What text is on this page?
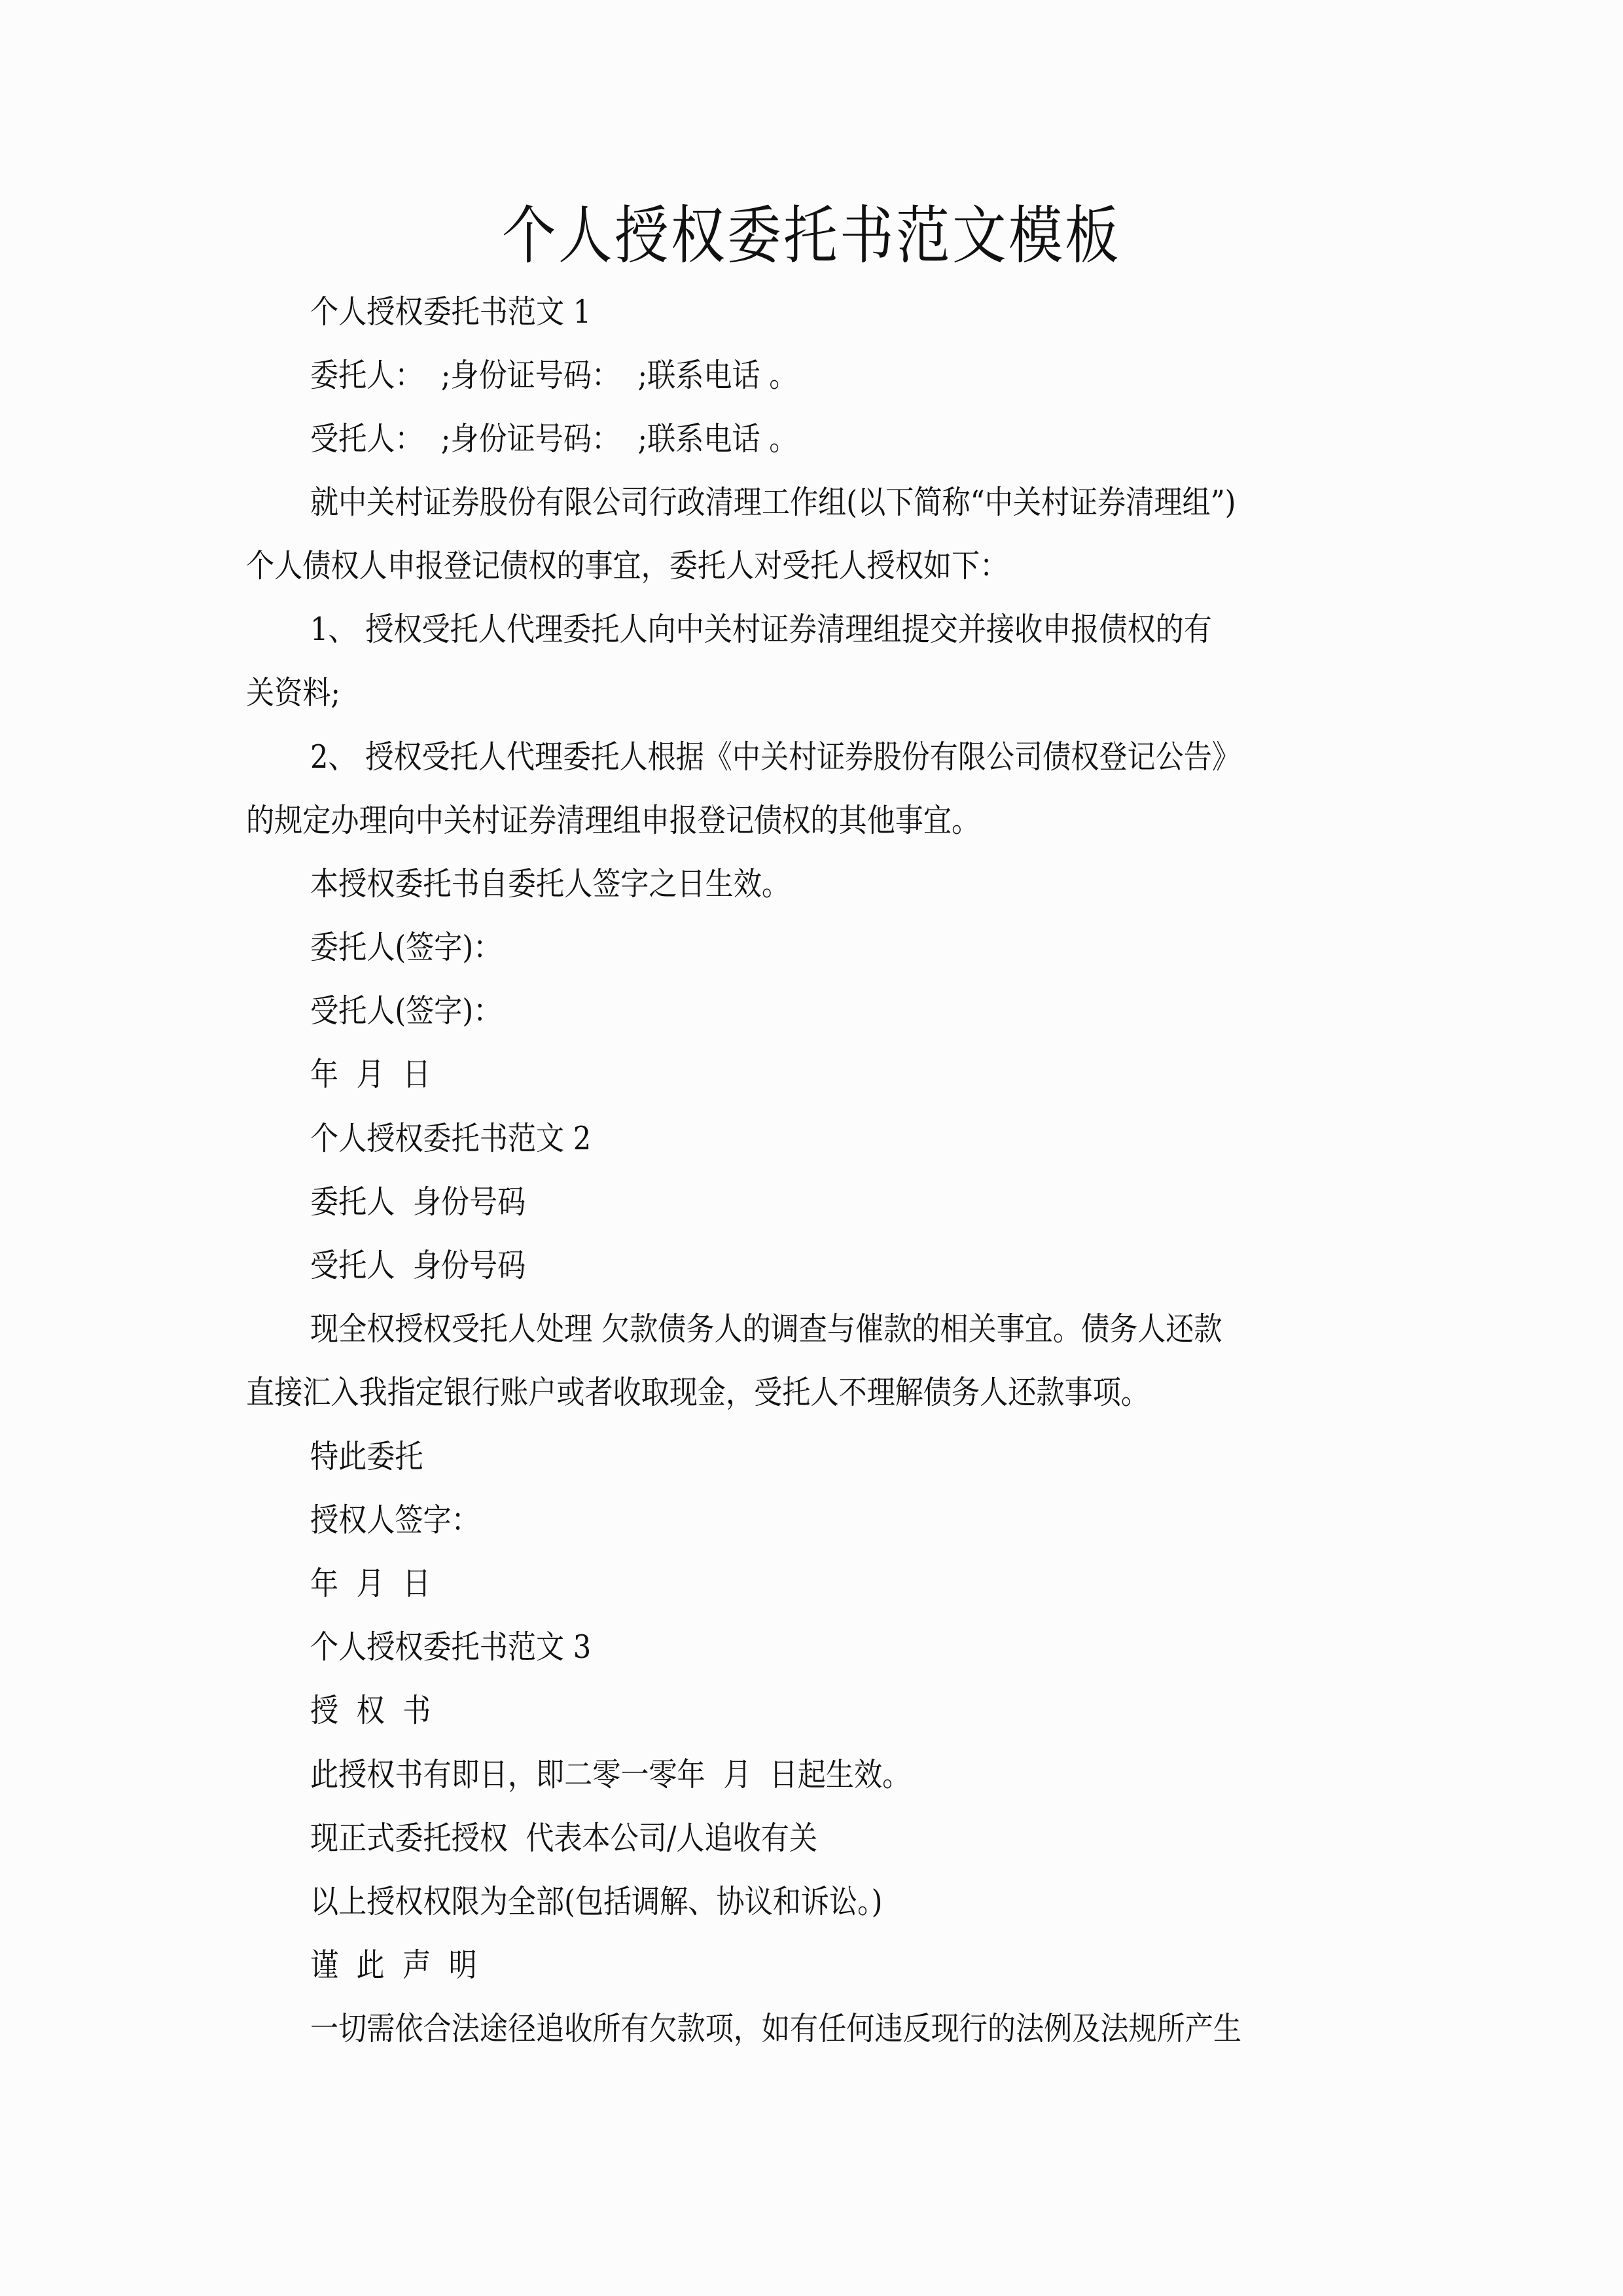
个人授权委托书范文模板
个人授权委托书范文 1
委托人：  ;身份证号码：  ;联系电话 。
受托人：  ;身份证号码：  ;联系电话 。
就中关村证券股份有限公司行政清理工作组(以下简称“中关村证券清理组”)
个人债权人申报登记债权的事宜，委托人对受托人授权如下：
1、 授权受托人代理委托人向中关村证券清理组提交并接收申报债权的有
关资料;
2、 授权受托人代理委托人根据《中关村证券股份有限公司债权登记公告》
的规定办理向中关村证券清理组申报登记债权的其他事宜。
本授权委托书自委托人签字之日生效。
委托人(签字)：
受托人(签字)：
年  月  日
个人授权委托书范文 2
委托人  身份号码
受托人  身份号码
现全权授权受托人处理 欠款债务人的调查与催款的相关事宜。债务人还款
直接汇入我指定银行账户或者收取现金，受托人不理解债务人还款事项。
特此委托
授权人签字：
年  月  日
个人授权委托书范文 3
授  权  书
此授权书有即日，即二零一零年  月  日起生效。
现正式委托授权  代表本公司/人追收有关
以上授权权限为全部(包括调解、协议和诉讼。)
谨  此  声  明
一切需依合法途径追收所有欠款项，如有任何违反现行的法例及法规所产生
